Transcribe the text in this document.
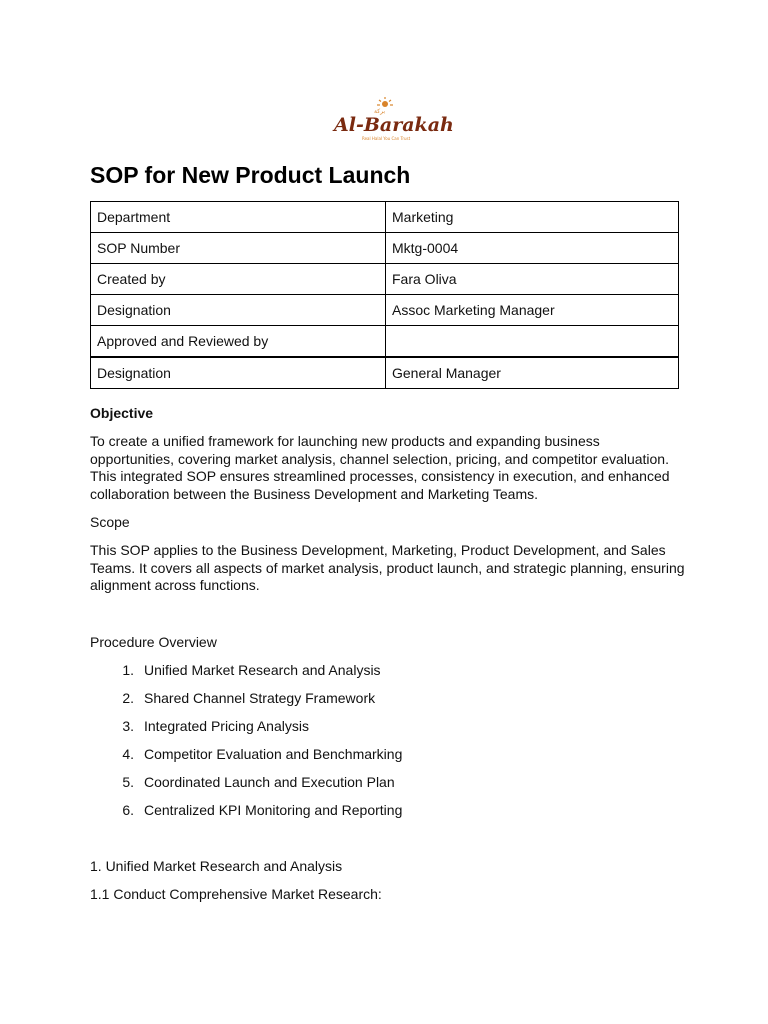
بركة
Al-Barakah
Real Halal You Can Trust
SOP for New Product Launch
Department	Marketing
SOP Number	Mktg-0004
Created by	Fara Oliva
Designation	Assoc Marketing Manager
Approved and Reviewed by	
Designation	General Manager

Objective

To create a unified framework for launching new products and expanding business
opportunities, covering market analysis, channel selection, pricing, and competitor evaluation.
This integrated SOP ensures streamlined processes, consistency in execution, and enhanced
collaboration between the Business Development and Marketing Teams.

Scope

This SOP applies to the Business Development, Marketing, Product Development, and Sales
Teams. It covers all aspects of market analysis, product launch, and strategic planning, ensuring
alignment across functions.

Procedure Overview

1. Unified Market Research and Analysis
2. Shared Channel Strategy Framework
3. Integrated Pricing Analysis
4. Competitor Evaluation and Benchmarking
5. Coordinated Launch and Execution Plan
6. Centralized KPI Monitoring and Reporting

1. Unified Market Research and Analysis

1.1 Conduct Comprehensive Market Research:
